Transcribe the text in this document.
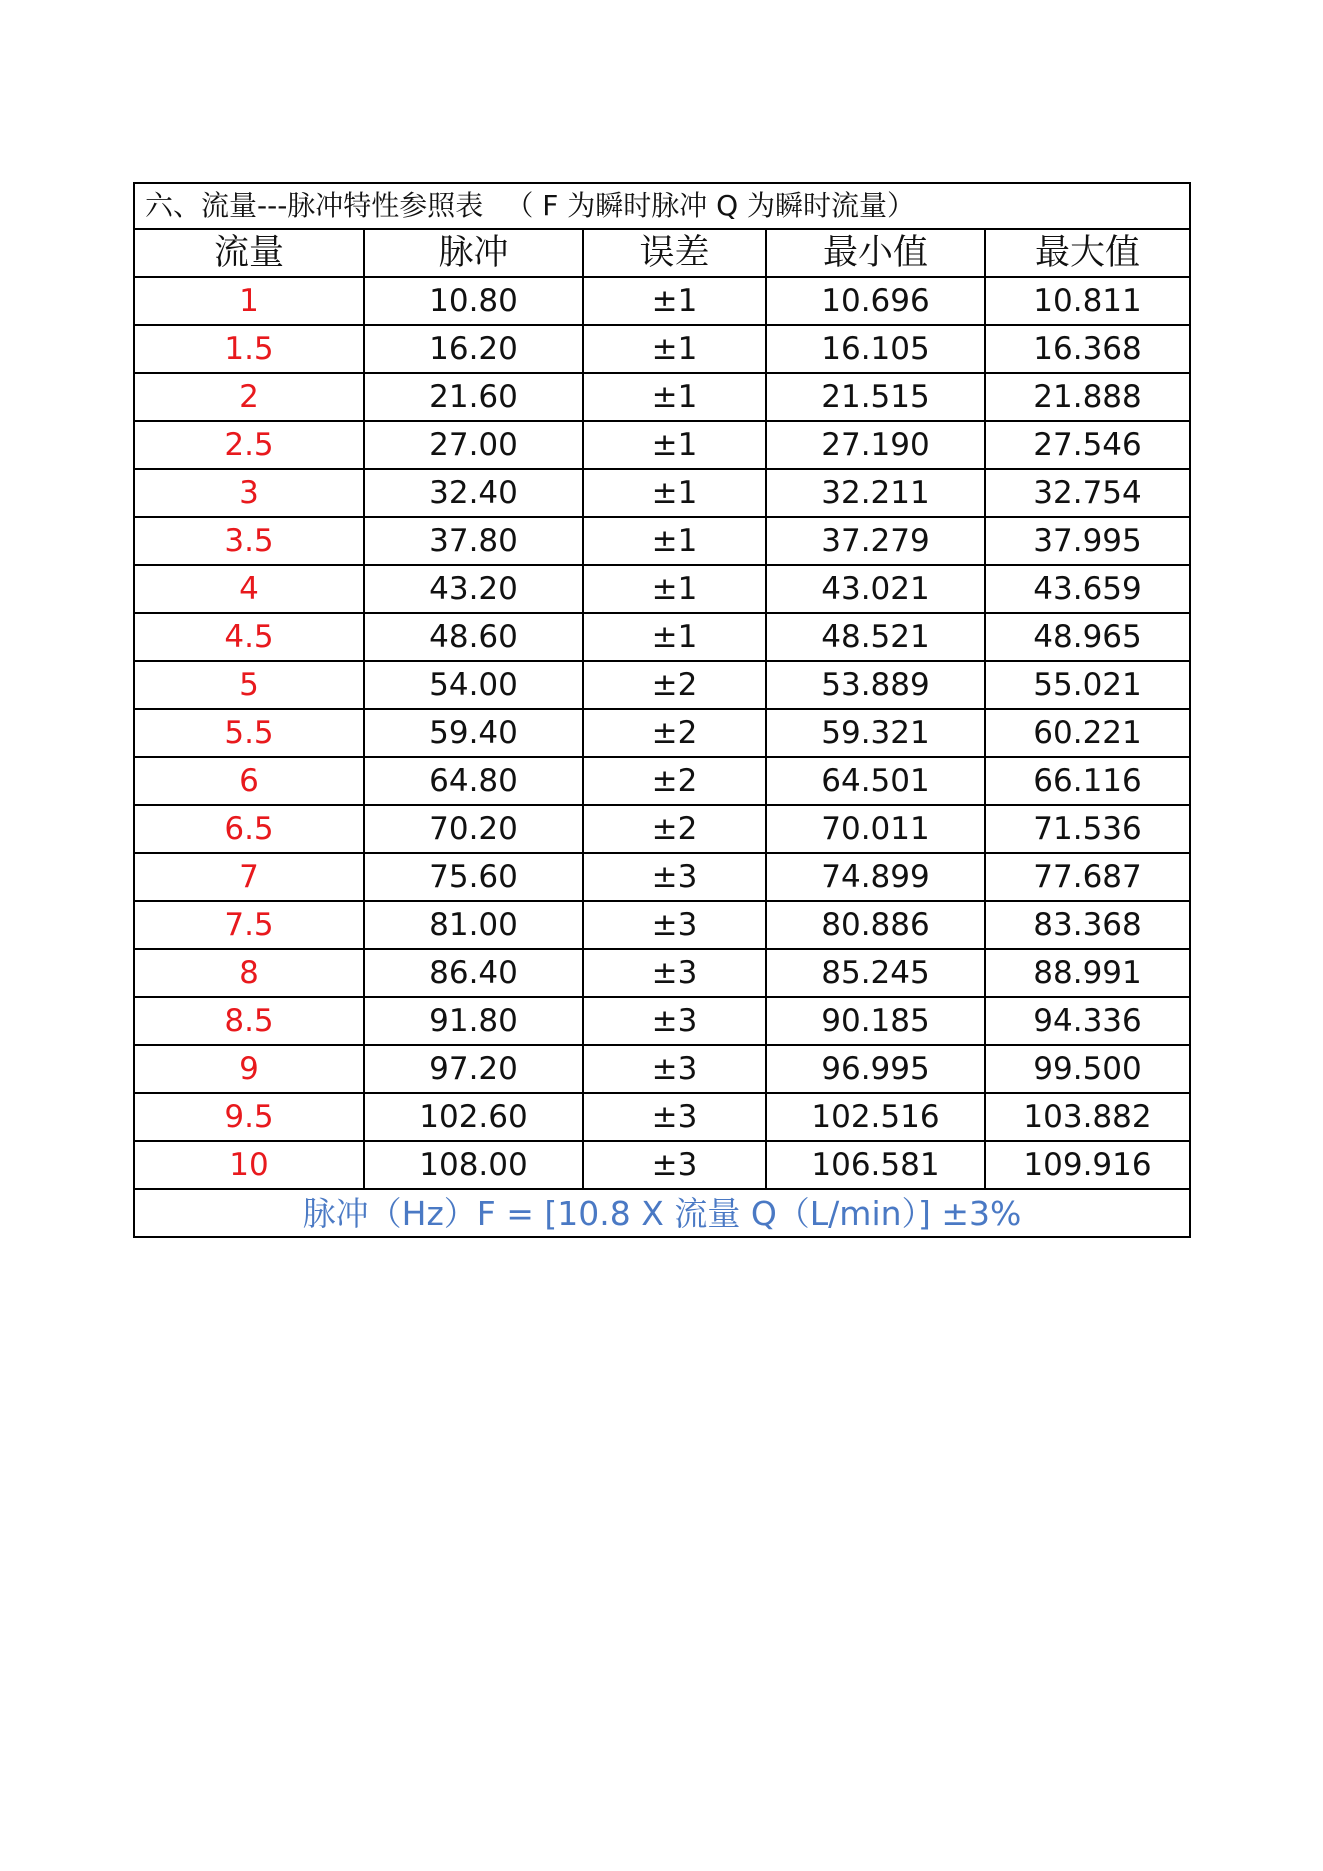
六、流量---脉冲特性参照表 （ F 为瞬时脉冲 Q 为瞬时流量）				
流量	脉冲	误差	最小值	最大值
1	10.80	±1	10.696	10.811
1.5	16.20	±1	16.105	16.368
2	21.60	±1	21.515	21.888
2.5	27.00	±1	27.190	27.546
3	32.40	±1	32.211	32.754
3.5	37.80	±1	37.279	37.995
4	43.20	±1	43.021	43.659
4.5	48.60	±1	48.521	48.965
5	54.00	±2	53.889	55.021
5.5	59.40	±2	59.321	60.221
6	64.80	±2	64.501	66.116
6.5	70.20	±2	70.011	71.536
7	75.60	±3	74.899	77.687
7.5	81.00	±3	80.886	83.368
8	86.40	±3	85.245	88.991
8.5	91.80	±3	90.185	94.336
9	97.20	±3	96.995	99.500
9.5	102.60	±3	102.516	103.882
10	108.00	±3	106.581	109.916
脉冲（Hz）F = [10.8 X 流量 Q（L/min）] ±3%				
